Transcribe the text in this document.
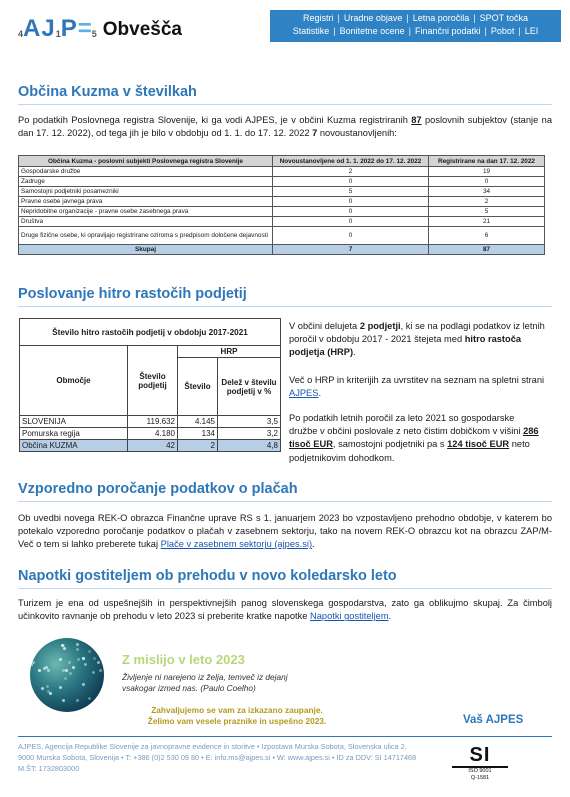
4 A J 1 P = 5 Obvešča
Registri | Uradne objave | Letna poročila | SPOT točka
Statistike | Bonitetne ocene | Finančni podatki | Pobot | LEI
Občina Kuzma v številkah
Po podatkih Poslovnega registra Slovenije, ki ga vodi AJPES, je v občini Kuzma registriranih 87 poslovnih subjektov (stanje na dan 17. 12. 2022), od tega jih je bilo v obdobju od 1. 1. do 17. 12. 2022 7 novoustanovljenih:
Občina Kuzma - poslovni subjekti Poslovnega registra Slovenije	Novoustanovljene od 1. 1. 2022 do 17. 12. 2022	Registrirane na dan 17. 12. 2022
Gospodarske družbe	2	19
Zadruge	0	0
Samostojni podjetniki posamezniki	5	34
Pravne osebe javnega prava	0	2
Nepridobitne organizacije - pravne osebe zasebnega prava	0	5
Društva	0	21
Druge fizične osebe, ki opravljajo registrirane oziroma s predpisom določene dejavnosti	0	6
Skupaj	7	87
Poslovanje hitro rastočih podjetij
Število hitro rastočih podjetij v obdobju 2017-2021			
Območje	Število podjetij	HRP	
		Število	Delež v številu podjetij v %
SLOVENIJA	119.632	4.145	3,5
Pomurska regija	4.180	134	3,2
Občina KUZMA	42	2	4,8
V občini delujeta 2 podjetji, ki se na podlagi podatkov iz letnih poročil v obdobju 2017 - 2021 štejeta med hitro rastoča podjetja (HRP).
Več o HRP in kriterijih za uvrstitev na seznam na spletni strani AJPES.
Po podatkih letnih poročil za leto 2021 so gospodarske družbe v občini poslovale z neto čistim dobičkom v višini 286 tisoč EUR, samostojni podjetniki pa s 124 tisoč EUR neto podjetnikovim dohodkom.
Vzporedno poročanje podatkov o plačah
Ob uvedbi novega REK-O obrazca Finančne uprave RS s 1. januarjem 2023 bo vzpostavljeno prehodno obdobje, v katerem bo potekalo vzporedno poročanje podatkov o plačah v zasebnem sektorju, tako na novem REK-O obrazcu kot na obrazcu ZAP/M- Več o tem si lahko preberete tukaj Plače v zasebnem sektorju (ajpes.si).
Napotki gostiteljem ob prehodu v novo koledarsko leto
Turizem je ena od uspešnejših in perspektivnejših panog slovenskega gospodarstva, zato ga oblikujmo skupaj. Za čimbolj učinkovito ravnanje ob prehodu v leto 2023 si preberite kratke napotke Napotki gostiteljem.
Z mislijo v leto 2023
Življenje ni narejeno iz želja, temveč iz dejanj
vsakogar izmed nas. (Paulo Coelho)
Zahvaljujemo se vam za izkazano zaupanje.
Želimo vam vesele praznike in uspešno 2023.	Vaš AJPES
AJPES, Agencija Republike Slovenije za javnopravne evidence in storitve • Izpostava Murska Sobota, Slovenska ulica 2,
9000 Murska Sobota, Slovenija • T: +386 (0)2 530 09 80 • E: info.ms@ajpes.si • W: www.ajpes.si • ID za DDV: SI 14717468
M.ŠT: 1732803000
SI
ISO 9001
Q-1581
